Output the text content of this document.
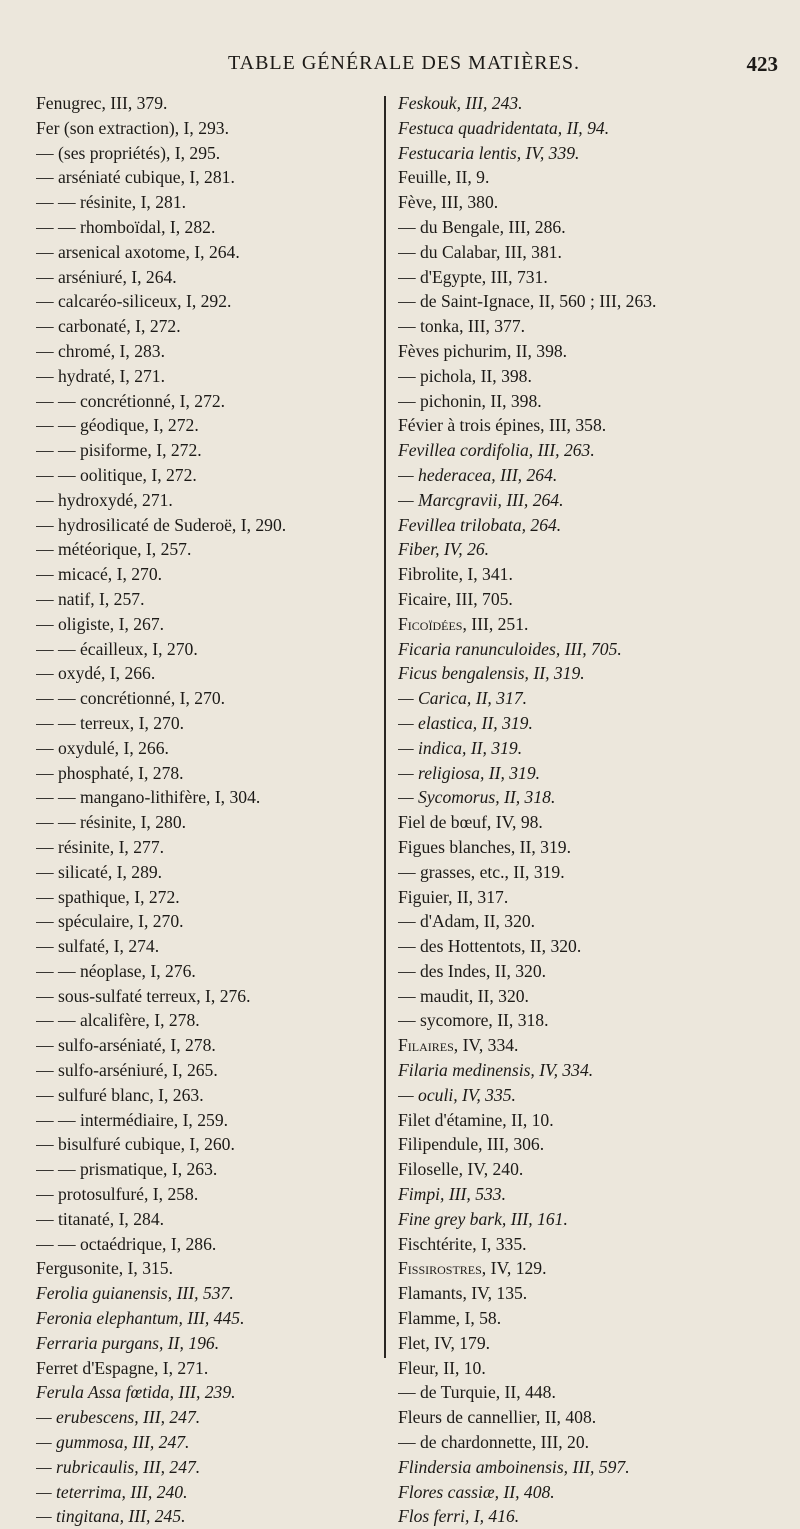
TABLE GÉNÉRALE DES MATIÈRES.	423
Fenugrec, III, 379.
Fer (son extraction), I, 293.
— (ses propriétés), I, 295.
— arséniaté cubique, I, 281.
— — résinite, I, 281.
— — rhomboïdal, I, 282.
— arsenical axotome, I, 264.
— arséniuré, I, 264.
— calcaréo-siliceux, I, 292.
— carbonaté, I, 272.
— chromé, I, 283.
— hydraté, I, 271.
— — concrétionné, I, 272.
— — géodique, I, 272.
— — pisiforme, I, 272.
— — oolitique, I, 272.
— hydroxydé, 271.
— hydrosilicaté de Suderoë, I, 290.
— météorique, I, 257.
— micacé, I, 270.
— natif, I, 257.
— oligiste, I, 267.
— — écailleux, I, 270.
— oxydé, I, 266.
— — concrétionné, I, 270.
— — terreux, I, 270.
— oxydulé, I, 266.
— phosphaté, I, 278.
— — mangano-lithifère, I, 304.
— — résinite, I, 280.
— résinite, I, 277.
— silicaté, I, 289.
— spathique, I, 272.
— spéculaire, I, 270.
— sulfaté, I, 274.
— — néoplase, I, 276.
— sous-sulfaté terreux, I, 276.
— — alcalifère, I, 278.
— sulfo-arséniaté, I, 278.
— sulfo-arséniuré, I, 265.
— sulfuré blanc, I, 263.
— — intermédiaire, I, 259.
— bisulfuré cubique, I, 260.
— — prismatique, I, 263.
— protosulfuré, I, 258.
— titanaté, I, 284.
— — octaédrique, I, 286.
Fergusonite, I, 315.
Ferolia guianensis, III, 537.
Feronia elephantum, III, 445.
Ferraria purgans, II, 196.
Ferret d'Espagne, I, 271.
Ferula Assa fœtida, III, 239.
— erubescens, III, 247.
— gummosa, III, 247.
— rubricaulis, III, 247.
— teterrima, III, 240.
— tingitana, III, 245.
Feskouk, III, 243.
Festuca quadridentata, II, 94.
Festucaria lentis, IV, 339.
Feuille, II, 9.
Fève, III, 380.
— du Bengale, III, 286.
— du Calabar, III, 381.
— d'Egypte, III, 731.
— de Saint-Ignace, II, 560 ; III, 263.
— tonka, III, 377.
Fèves pichurim, II, 398.
— pichola, II, 398.
— pichonin, II, 398.
Févier à trois épines, III, 358.
Fevillea cordifolia, III, 263.
— hederacea, III, 264.
— Marcgravii, III, 264.
Fevillea trilobata, 264.
Fiber, IV, 26.
Fibrolite, I, 341.
Ficaire, III, 705.
Ficoïdées, III, 251.
Ficaria ranunculoides, III, 705.
Ficus bengalensis, II, 319.
— Carica, II, 317.
— elastica, II, 319.
— indica, II, 319.
— religiosa, II, 319.
— Sycomorus, II, 318.
Fiel de bœuf, IV, 98.
Figues blanches, II, 319.
— grasses, etc., II, 319.
Figuier, II, 317.
— d'Adam, II, 320.
— des Hottentots, II, 320.
— des Indes, II, 320.
— maudit, II, 320.
— sycomore, II, 318.
Filaires, IV, 334.
Filaria medinensis, IV, 334.
— oculi, IV, 335.
Filet d'étamine, II, 10.
Filipendule, III, 306.
Filoselle, IV, 240.
Fimpi, III, 533.
Fine grey bark, III, 161.
Fischtérite, I, 335.
Fissirostres, IV, 129.
Flamants, IV, 135.
Flamme, I, 58.
Flet, IV, 179.
Fleur, II, 10.
— de Turquie, II, 448.
Fleurs de cannellier, II, 408.
— de chardonnette, III, 20.
Flindersia amboinensis, III, 597.
Flores cassiæ, II, 408.
Flos ferri, I, 416.
